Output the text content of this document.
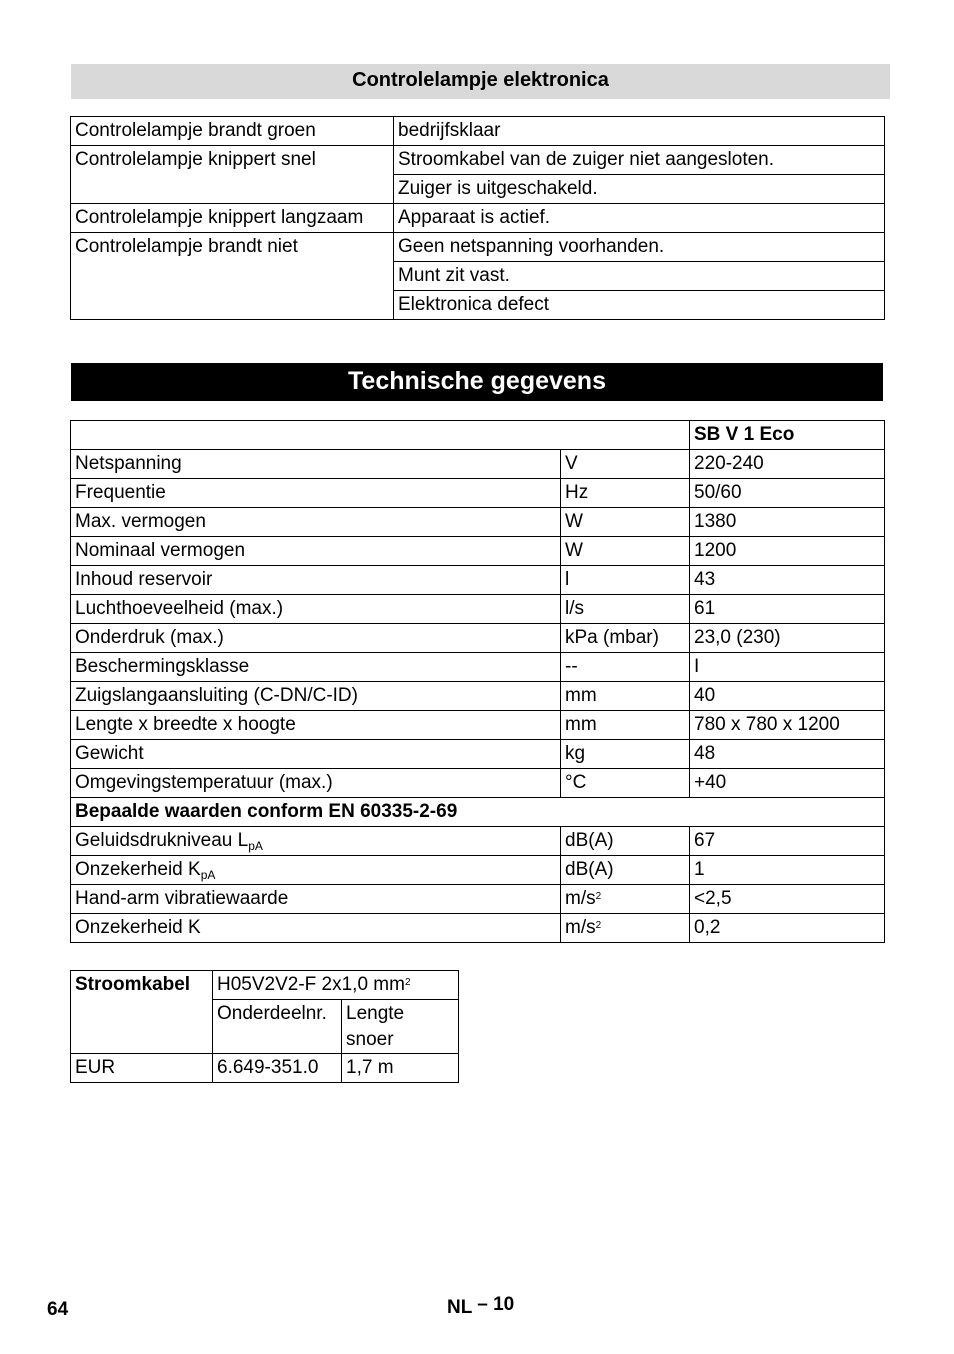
Controlelampje elektronica
Controlelampje brandt groen	bedrijfsklaar
Controlelampje knippert snel	Stroomkabel van de zuiger niet aangesloten.
	Zuiger is uitgeschakeld.
Controlelampje knippert langzaam	Apparaat is actief.
Controlelampje brandt niet	Geen netspanning voorhanden.
	Munt zit vast.
	Elektronica defect
Technische gegevens
		SB V 1 Eco
Netspanning	V	220-240
Frequentie	Hz	50/60
Max. vermogen	W	1380
Nominaal vermogen	W	1200
Inhoud reservoir	l	43
Luchthoeveelheid (max.)	l/s	61
Onderdruk (max.)	kPa (mbar)	23,0 (230)
Beschermingsklasse	--	I
Zuigslangaansluiting (C-DN/C-ID)	mm	40
Lengte x breedte x hoogte	mm	780 x 780 x 1200
Gewicht	kg	48
Omgevingstemperatuur (max.)	°C	+40
Bepaalde waarden conform EN 60335-2-69		
Geluidsdrukniveau $L_{pA}$	dB(A)	67
Onzekerheid $K_{pA}$	dB(A)	1
Hand-arm vibratiewaarde	$m/s^2$	<2,5
Onzekerheid K	$m/s^2$	0,2
Stroomkabel	H05V2V2-F 2x1,0 $mm^2$
	Onderdeelnr.	Lengte snoer
EUR	6.649-351.0	1,7 m
64	NL – 10
